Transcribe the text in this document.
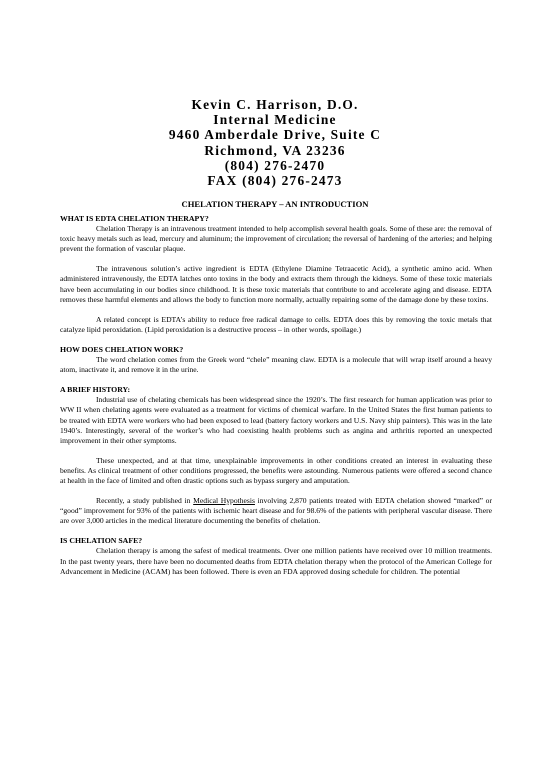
Kevin C. Harrison, D.O.
Internal Medicine
9460 Amberdale Drive, Suite C
Richmond, VA 23236
(804) 276-2470
FAX (804) 276-2473
CHELATION THERAPY – AN INTRODUCTION
WHAT IS EDTA CHELATION THERAPY?

Chelation Therapy is an intravenous treatment intended to help accomplish several health goals. Some of these are: the removal of toxic heavy metals such as lead, mercury and aluminum; the improvement of circulation; the reversal of hardening of the arteries; and helping prevent the formation of vascular plaque.

The intravenous solution’s active ingredient is EDTA (Ethylene Diamine Tetraacetic Acid), a synthetic amino acid. When administered intravenously, the EDTA latches onto toxins in the body and extracts them through the kidneys. Some of these toxic materials have been accumulating in our bodies since childhood. It is these toxic materials that contribute to and accelerate aging and disease. EDTA removes these harmful elements and allows the body to function more normally, actually repairing some of the damage done by these toxins.

A related concept is EDTA’s ability to reduce free radical damage to cells. EDTA does this by removing the toxic metals that catalyze lipid peroxidation. (Lipid peroxidation is a destructive process – in other words, spoilage.)

HOW DOES CHELATION WORK?

The word chelation comes from the Greek word “chele” meaning claw. EDTA is a molecule that will wrap itself around a heavy atom, inactivate it, and remove it in the urine.

A BRIEF HISTORY:

Industrial use of chelating chemicals has been widespread since the 1920’s. The first research for human application was prior to WW II when chelating agents were evaluated as a treatment for victims of chemical warfare. In the United States the first human patients to be treated with EDTA were workers who had been exposed to lead (battery factory workers and U.S. Navy ship painters). This was in the late 1940’s. Interestingly, several of the worker’s who had coexisting health problems such as angina and arthritis reported an unexpected improvement in their other symptoms.

These unexpected, and at that time, unexplainable improvements in other conditions created an interest in evaluating these benefits. As clinical treatment of other conditions progressed, the benefits were astounding. Numerous patients were offered a second chance at health in the face of limited and often drastic options such as bypass surgery and amputation.

Recently, a study published in Medical Hypothesis involving 2,870 patients treated with EDTA chelation showed “marked” or “good” improvement for 93% of the patients with ischemic heart disease and for 98.6% of the patients with peripheral vascular disease. There are over 3,000 articles in the medical literature documenting the benefits of chelation.

IS CHELATION SAFE?

Chelation therapy is among the safest of medical treatments. Over one million patients have received over 10 million treatments. In the past twenty years, there have been no documented deaths from EDTA chelation therapy when the protocol of the American College for Advancement in Medicine (ACAM) has been followed. There is even an FDA approved dosing schedule for children. The potential
